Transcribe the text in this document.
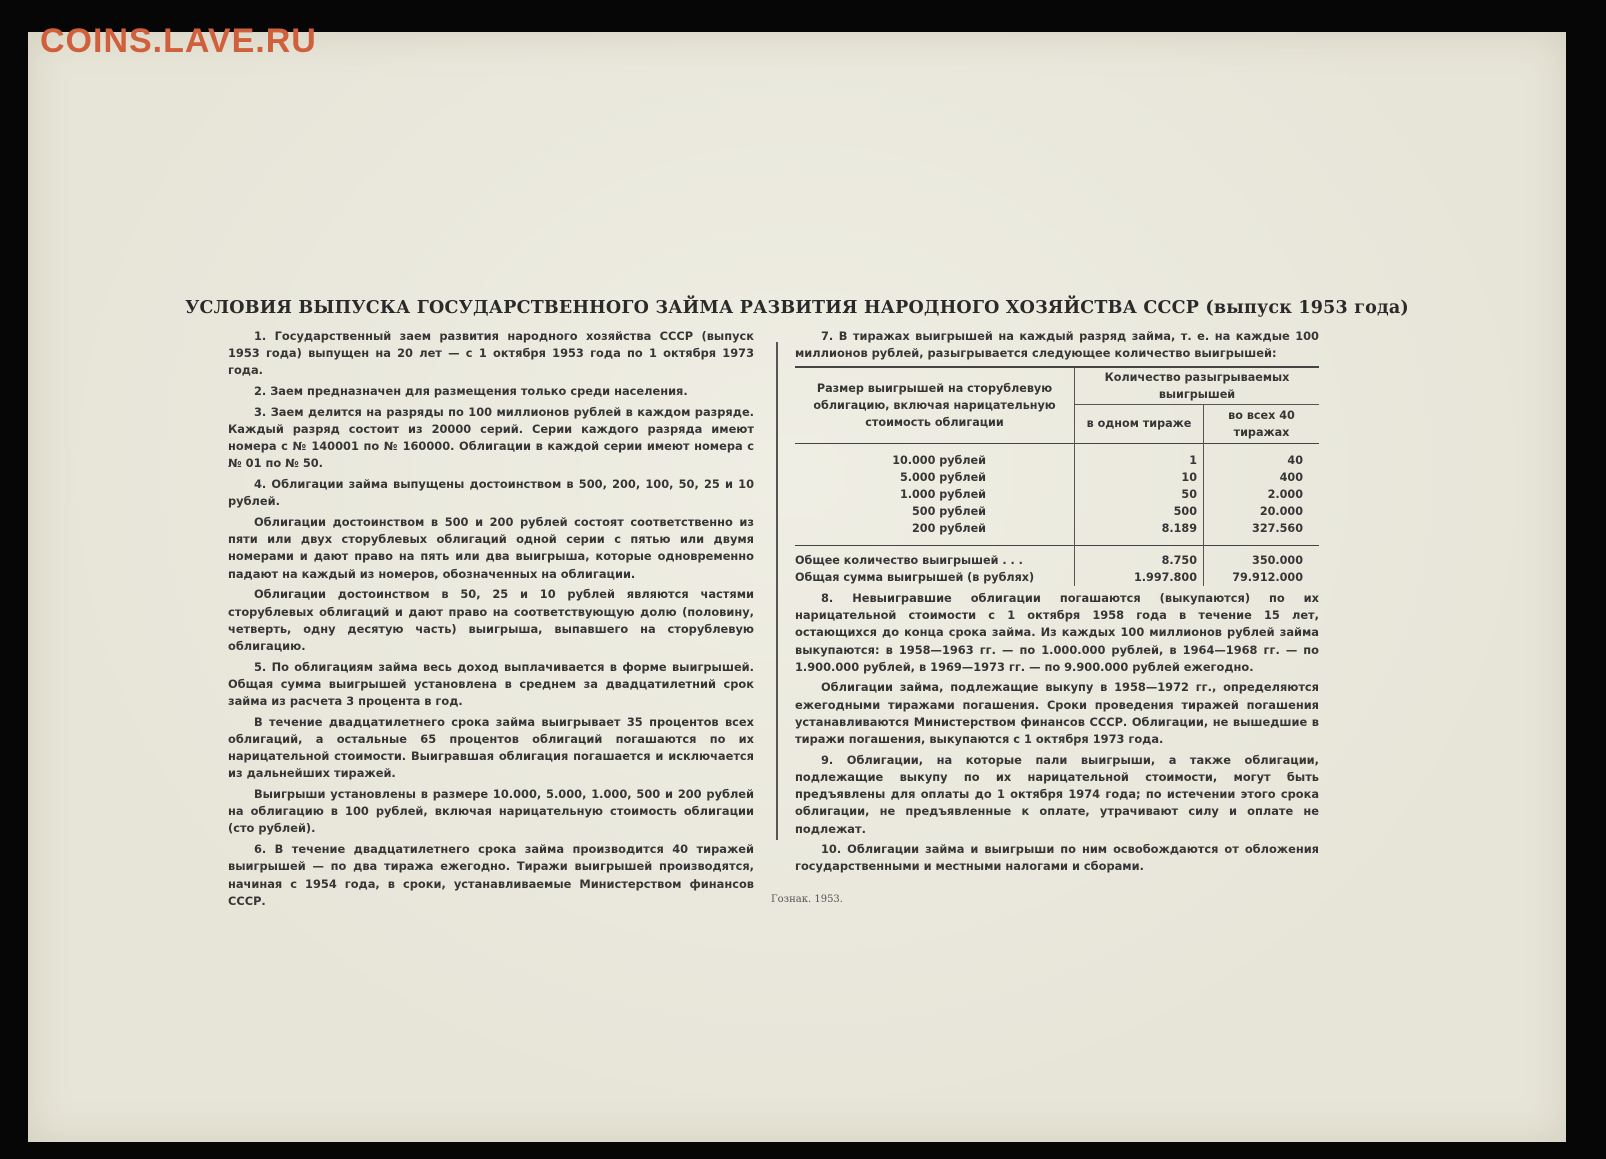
COINS.LAVE.RU
УСЛОВИЯ ВЫПУСКА ГОСУДАРСТВЕННОГО ЗАЙМА РАЗВИТИЯ НАРОДНОГО ХОЗЯЙСТВА СССР (выпуск 1953 года)

1. Государственный заем развития народного хозяйства СССР (выпуск 1953 года) выпущен на 20 лет — с 1 октября 1953 года по 1 октября 1973 года.

2. Заем предназначен для размещения только среди населения.

3. Заем делится на разряды по 100 миллионов рублей в каждом разряде. Каждый разряд состоит из 20000 серий. Серии каждого разряда имеют номера с № 140001 по № 160000. Облигации в каждой серии имеют номера с № 01 по № 50.

4. Облигации займа выпущены достоинством в 500, 200, 100, 50, 25 и 10 рублей.

Облигации достоинством в 500 и 200 рублей состоят соответственно из пяти или двух сторублевых облигаций одной серии с пятью или двумя номерами и дают право на пять или два выигрыша, которые одновременно падают на каждый из номеров, обозначенных на облигации.

Облигации достоинством в 50, 25 и 10 рублей являются частями сторублевых облигаций и дают право на соответствующую долю (половину, четверть, одну десятую часть) выигрыша, выпавшего на сторублевую облигацию.

5. По облигациям займа весь доход выплачивается в форме выигрышей. Общая сумма выигрышей установлена в среднем за двадцатилетний срок займа из расчета 3 процента в год.

В течение двадцатилетнего срока займа выигрывает 35 процентов всех облигаций, а остальные 65 процентов облигаций погашаются по их нарицательной стоимости. Выигравшая облигация погашается и исключается из дальнейших тиражей.

Выигрыши установлены в размере 10.000, 5.000, 1.000, 500 и 200 рублей на облигацию в 100 рублей, включая нарицательную стоимость облигации (сто рублей).

6. В течение двадцатилетнего срока займа производится 40 тиражей выигрышей — по два тиража ежегодно. Тиражи выигрышей производятся, начиная с 1954 года, в сроки, устанавливаемые Министерством финансов СССР.

7. В тиражах выигрышей на каждый разряд займа, т. е. на каждые 100 миллионов рублей, разыгрывается следующее количество выигрышей:

Размер выигрышей на сторублевую облигацию, включая нарицательную стоимость облигации	Количество разыгрываемых выигрышей	
	в одном тираже	во всех 40 тиражах

10.000 рублей	1	40
5.000 рублей	10	400
1.000 рублей	50	2.000
500 рублей	500	20.000
200 рублей	8.189	327.560

Общее количество выигрышей . . .	8.750	350.000
Общая сумма выигрышей (в рублях)	1.997.800	79.912.000

8. Невыигравшие облигации погашаются (выкупаются) по их нарицательной стоимости с 1 октября 1958 года в течение 15 лет, остающихся до конца срока займа. Из каждых 100 миллионов рублей займа выкупаются: в 1958—1963 гг. — по 1.000.000 рублей, в 1964—1968 гг. — по 1.900.000 рублей, в 1969—1973 гг. — по 9.900.000 рублей ежегодно.

Облигации займа, подлежащие выкупу в 1958—1972 гг., определяются ежегодными тиражами погашения. Сроки проведения тиражей погашения устанавливаются Министерством финансов СССР. Облигации, не вышедшие в тиражи погашения, выкупаются с 1 октября 1973 года.

9. Облигации, на которые пали выигрыши, а также облигации, подлежащие выкупу по их нарицательной стоимости, могут быть предъявлены для оплаты до 1 октября 1974 года; по истечении этого срока облигации, не предъявленные к оплате, утрачивают силу и оплате не подлежат.

10. Облигации займа и выигрыши по ним освобождаются от обложения государственными и местными налогами и сборами.

Гознак. 1953.
